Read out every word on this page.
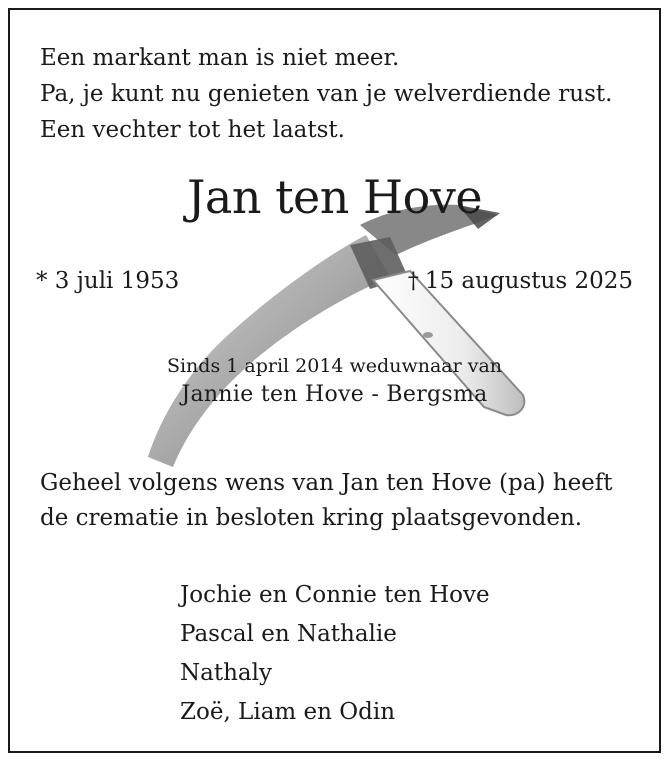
Een markant man is niet meer.
Pa, je kunt nu genieten van je welverdiende rust.
Een vechter tot het laatst.
Jan ten Hove
* 3 juli 1953	† 15 augustus 2025
Sinds 1 april 2014 weduwnaar van
Jannie ten Hove - Bergsma
Geheel volgens wens van Jan ten Hove (pa) heeft
de crematie in besloten kring plaatsgevonden.
Jochie en Connie ten Hove
Pascal en Nathalie
Nathaly
Zoë, Liam en Odin
